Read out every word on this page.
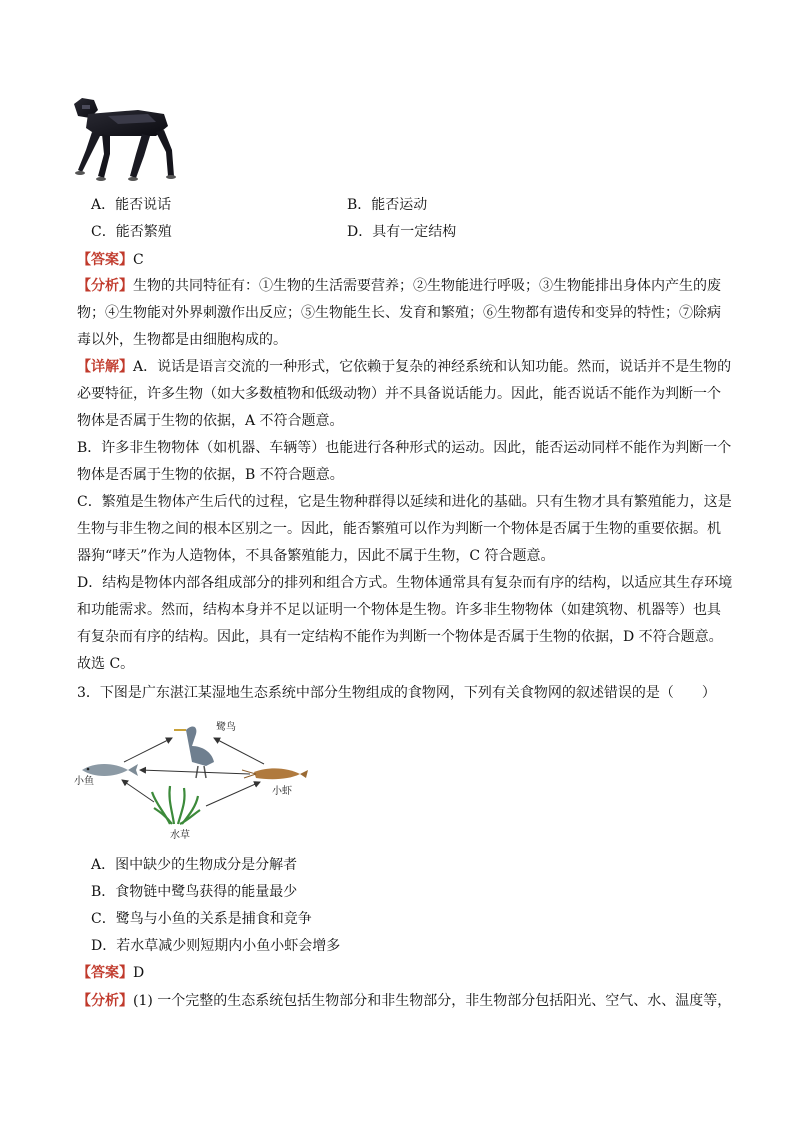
A．能否说话	B．能否运动
C．能否繁殖	D．具有一定结构
【答案】C
【分析】生物的共同特征有：①生物的生活需要营养；②生物能进行呼吸；③生物能排出身体内产生的废
物；④生物能对外界刺激作出反应；⑤生物能生长、发育和繁殖；⑥生物都有遗传和变异的特性；⑦除病
毒以外，生物都是由细胞构成的。
【详解】A．说话是语言交流的一种形式，它依赖于复杂的神经系统和认知功能。然而，说话并不是生物的
必要特征，许多生物（如大多数植物和低级动物）并不具备说话能力。因此，能否说话不能作为判断一个
物体是否属于生物的依据，A 不符合题意。
B．许多非生物物体（如机器、车辆等）也能进行各种形式的运动。因此，能否运动同样不能作为判断一个
物体是否属于生物的依据，B 不符合题意。
C．繁殖是生物体产生后代的过程，它是生物种群得以延续和进化的基础。只有生物才具有繁殖能力，这是
生物与非生物之间的根本区别之一。因此，能否繁殖可以作为判断一个物体是否属于生物的重要依据。机
器狗“哮天”作为人造物体，不具备繁殖能力，因此不属于生物，C 符合题意。
D．结构是物体内部各组成部分的排列和组合方式。生物体通常具有复杂而有序的结构，以适应其生存环境
和功能需求。然而，结构本身并不足以证明一个物体是生物。许多非生物物体（如建筑物、机器等）也具
有复杂而有序的结构。因此，具有一定结构不能作为判断一个物体是否属于生物的依据，D 不符合题意。
故选 C。
3．下图是广东湛江某湿地生态系统中部分生物组成的食物网，下列有关食物网的叙述错误的是（　　）
鹭鸟
小鱼
小虾
水草
A．图中缺少的生物成分是分解者
B．食物链中鹭鸟获得的能量最少
C．鹭鸟与小鱼的关系是捕食和竞争
D．若水草减少则短期内小鱼小虾会增多
【答案】D
【分析】(1) 一个完整的生态系统包括生物部分和非生物部分，非生物部分包括阳光、空气、水、温度等，
